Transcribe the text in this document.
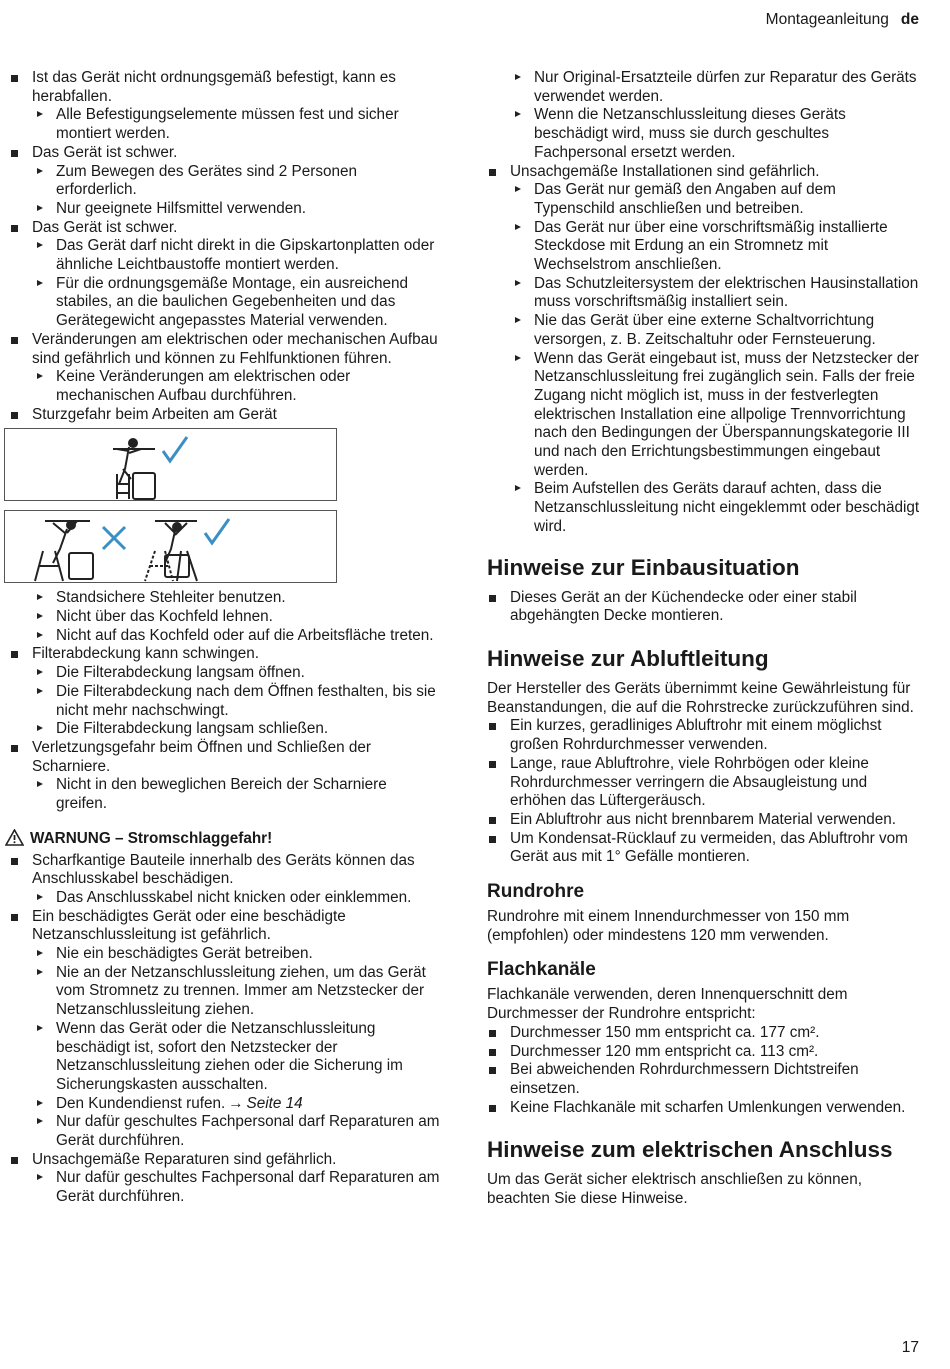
Montageanleitung de
Ist das Gerät nicht ordnungsgemäß befestigt, kann es herabfallen.
Alle Befestigungselemente müssen fest und sicher montiert werden.
Das Gerät ist schwer.
Zum Bewegen des Gerätes sind 2 Personen erforderlich.
Nur geeignete Hilfsmittel verwenden.
Das Gerät ist schwer.
Das Gerät darf nicht direkt in die Gipskartonplatten oder ähnliche Leichtbaustoffe montiert werden.
Für die ordnungsgemäße Montage, ein ausreichend stabiles, an die baulichen Gegebenheiten und das Gerätegewicht angepasstes Material verwenden.
Veränderungen am elektrischen oder mechanischen Aufbau sind gefährlich und können zu Fehlfunktionen führen.
Keine Veränderungen am elektrischen oder mechanischen Aufbau durchführen.
Sturzgefahr beim Arbeiten am Gerät
Standsichere Stehleiter benutzen.
Nicht über das Kochfeld lehnen.
Nicht auf das Kochfeld oder auf die Arbeitsfläche treten.
Filterabdeckung kann schwingen.
Die Filterabdeckung langsam öffnen.
Die Filterabdeckung nach dem Öffnen festhalten, bis sie nicht mehr nachschwingt.
Die Filterabdeckung langsam schließen.
Verletzungsgefahr beim Öffnen und Schließen der Scharniere.
Nicht in den beweglichen Bereich der Scharniere greifen.
WARNUNG – Stromschlaggefahr!
Scharfkantige Bauteile innerhalb des Geräts können das Anschlusskabel beschädigen.
Das Anschlusskabel nicht knicken oder einklemmen.
Ein beschädigtes Gerät oder eine beschädigte Netzanschlussleitung ist gefährlich.
Nie ein beschädigtes Gerät betreiben.
Nie an der Netzanschlussleitung ziehen, um das Gerät vom Stromnetz zu trennen. Immer am Netzstecker der Netzanschlussleitung ziehen.
Wenn das Gerät oder die Netzanschlussleitung beschädigt ist, sofort den Netzstecker der Netzanschlussleitung ziehen oder die Sicherung im Sicherungskasten ausschalten.
Den Kundendienst rufen. → Seite 14
Nur dafür geschultes Fachpersonal darf Reparaturen am Gerät durchführen.
Unsachgemäße Reparaturen sind gefährlich.
Nur dafür geschultes Fachpersonal darf Reparaturen am Gerät durchführen.
Nur Original-Ersatzteile dürfen zur Reparatur des Geräts verwendet werden.
Wenn die Netzanschlussleitung dieses Geräts beschädigt wird, muss sie durch geschultes Fachpersonal ersetzt werden.
Unsachgemäße Installationen sind gefährlich.
Das Gerät nur gemäß den Angaben auf dem Typenschild anschließen und betreiben.
Das Gerät nur über eine vorschriftsmäßig installierte Steckdose mit Erdung an ein Stromnetz mit Wechselstrom anschließen.
Das Schutzleitersystem der elektrischen Hausinstallation muss vorschriftsmäßig installiert sein.
Nie das Gerät über eine externe Schaltvorrichtung versorgen, z. B. Zeitschaltuhr oder Fernsteuerung.
Wenn das Gerät eingebaut ist, muss der Netzstecker der Netzanschlussleitung frei zugänglich sein. Falls der freie Zugang nicht möglich ist, muss in der festverlegten elektrischen Installation eine allpolige Trennvorrichtung nach den Bedingungen der Überspannungskategorie III und nach den Errichtungsbestimmungen eingebaut werden.
Beim Aufstellen des Geräts darauf achten, dass die Netzanschlussleitung nicht eingeklemmt oder beschädigt wird.
Hinweise zur Einbausituation
Dieses Gerät an der Küchendecke oder einer stabil abgehängten Decke montieren.
Hinweise zur Abluftleitung

Der Hersteller des Geräts übernimmt keine Gewährleistung für Beanstandungen, die auf die Rohrstrecke zurückzuführen sind.

Ein kurzes, geradliniges Abluftrohr mit einem möglichst großen Rohrdurchmesser verwenden.
Lange, raue Abluftrohre, viele Rohrbögen oder kleine Rohrdurchmesser verringern die Absaugleistung und erhöhen das Lüftergeräusch.
Ein Abluftrohr aus nicht brennbarem Material verwenden.
Um Kondensat-Rücklauf zu vermeiden, das Abluftrohr vom Gerät aus mit 1° Gefälle montieren.
Rundrohre

Rundrohre mit einem Innendurchmesser von 150 mm (empfohlen) oder mindestens 120 mm verwenden.

Flachkanäle

Flachkanäle verwenden, deren Innenquerschnitt dem Durchmesser der Rundrohre entspricht:

Durchmesser 150 mm entspricht ca. 177 cm².
Durchmesser 120 mm entspricht ca. 113 cm².
Bei abweichenden Rohrdurchmessern Dichtstreifen einsetzen.
Keine Flachkanäle mit scharfen Umlenkungen verwenden.
Hinweise zum elektrischen Anschluss

Um das Gerät sicher elektrisch anschließen zu können, beachten Sie diese Hinweise.

17
